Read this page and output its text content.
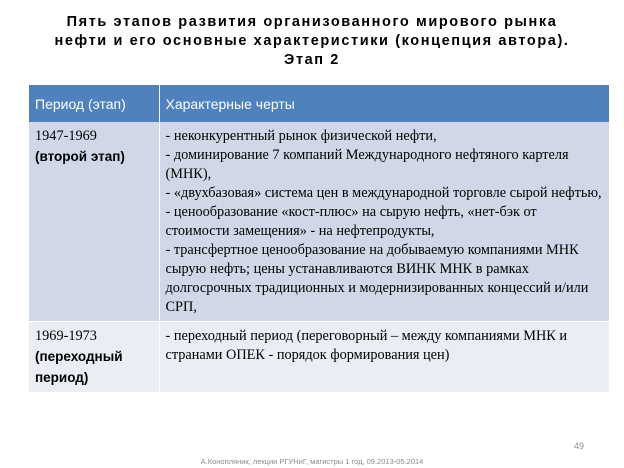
Пять этапов развития организованного мирового рынка
нефти и его основные характеристики (концепция автора).
Этап 2
Период (этап)	Характерные черты

1947-1969
(второй этап)	- неконкурентный рынок физической нефти,
- доминирование 7 компаний Международного нефтяного картеля (МНК),
- «двухбазовая» система цен в международной торговле сырой нефтью,
- ценообразование «кост-плюс» на сырую нефть, «нет-бэк от стоимости замещения» - на нефтепродукты,
- трансфертное ценообразование на добываемую компаниями МНК сырую нефть; цены устанавливаются ВИНК МНК в рамках долгосрочных традиционных и модернизированных концессий и/или СРП,

1969-1973
(переходный период)	- переходный период (переговорный – между компаниями МНК и странами ОПЕК - порядок формирования цен)
49
А.Конопляник, лекции РГУНиГ, магистры 1 год, 09.2013-05.2014
